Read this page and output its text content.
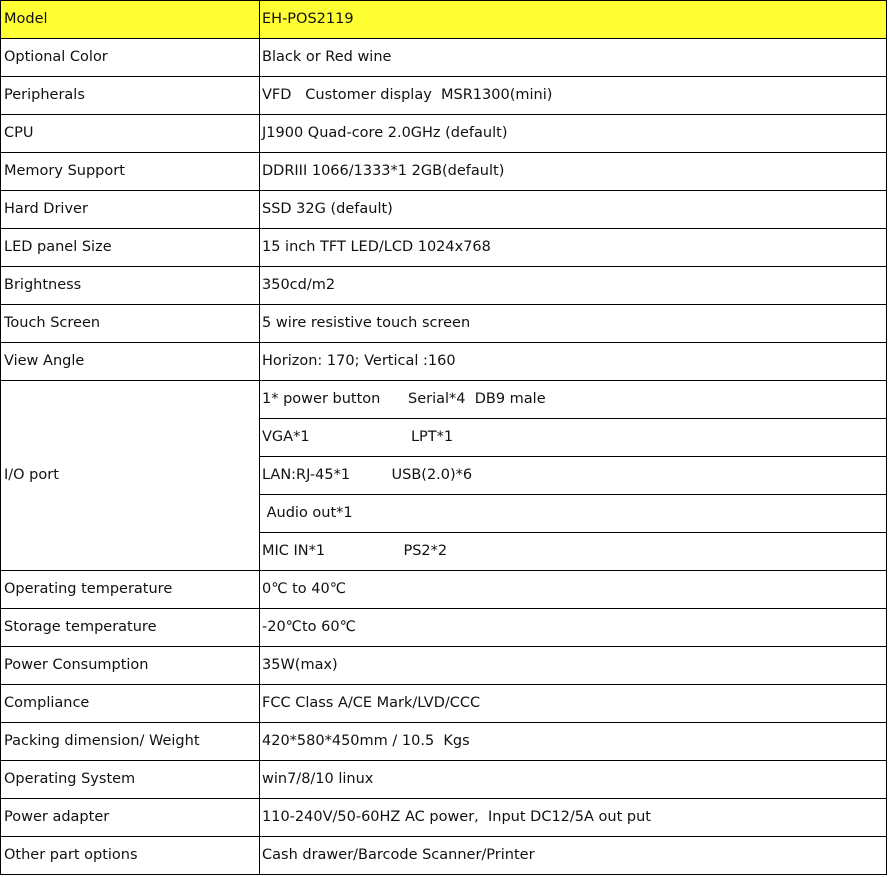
Model	EH-POS2119
Optional Color	Black or Red wine
Peripherals	VFD   Customer display  MSR1300(mini)
CPU	J1900 Quad-core 2.0GHz (default)
Memory Support	DDRIII 1066/1333*1 2GB(default)
Hard Driver	SSD 32G (default)
LED panel Size	15 inch TFT LED/LCD 1024x768
Brightness	350cd/m2
Touch Screen	5 wire resistive touch screen
View Angle	Horizon: 170; Vertical :160
I/O port	1* power button      Serial*4  DB9 male
	VGA*1                      LPT*1
	LAN:RJ-45*1         USB(2.0)*6
	Audio out*1
	MIC IN*1                 PS2*2
Operating temperature	0℃ to 40℃
Storage temperature	-20℃to 60℃
Power Consumption	35W(max)
Compliance	FCC Class A/CE Mark/LVD/CCC
Packing dimension/ Weight	420*580*450mm / 10.5  Kgs
Operating System	win7/8/10 linux
Power adapter	110-240V/50-60HZ AC power,  Input DC12/5A out put
Other part options	Cash drawer/Barcode Scanner/Printer
